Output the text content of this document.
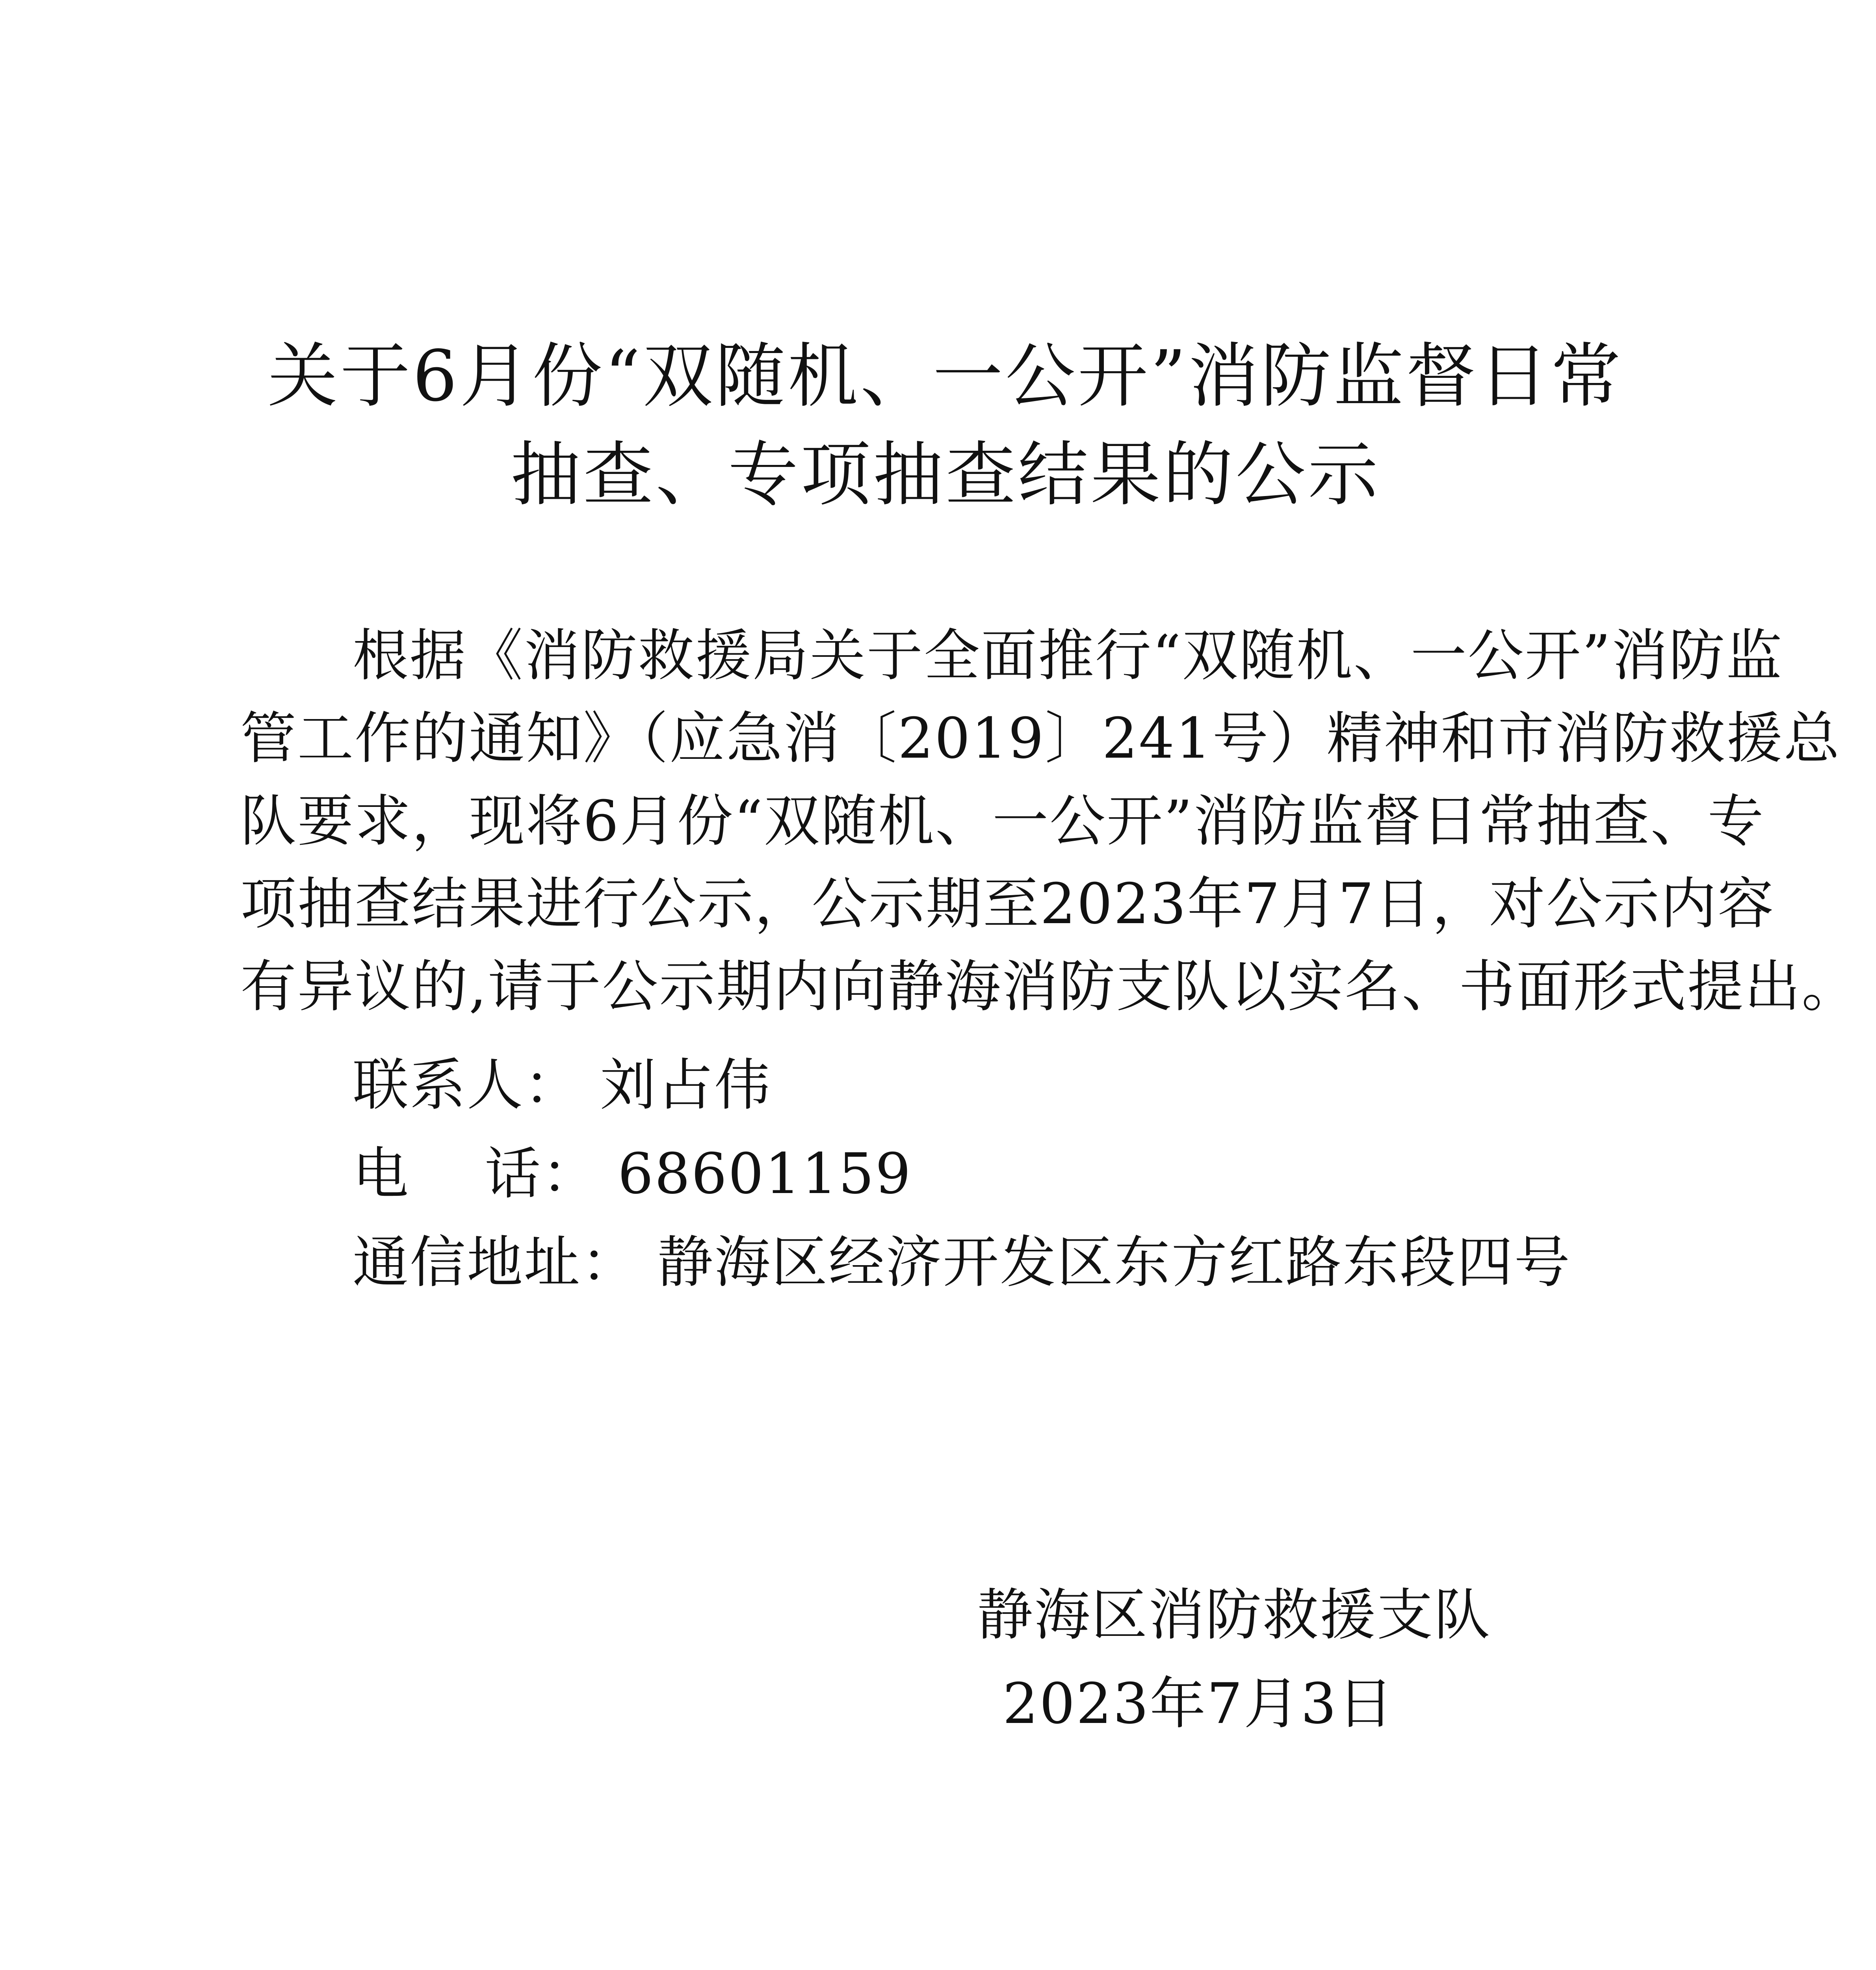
关于6月份“双随机、一公开”消防监督日常
抽查、专项抽查结果的公示

根据《消防救援局关于全面推行“双随机、一公开”消防监

管工作的通知》（应急消〔2019〕241号）精神和市消防救援总

队要求，现将6月份“双随机、一公开”消防监督日常抽查、专

项抽查结果进行公示，公示期至2023年7月7日，对公示内容

有异议的,请于公示期内向静海消防支队以实名、书面形式提出。

联系人： 刘占伟

电 话： 68601159

通信地址： 静海区经济开发区东方红路东段四号

静海区消防救援支队

2023年7月3日
